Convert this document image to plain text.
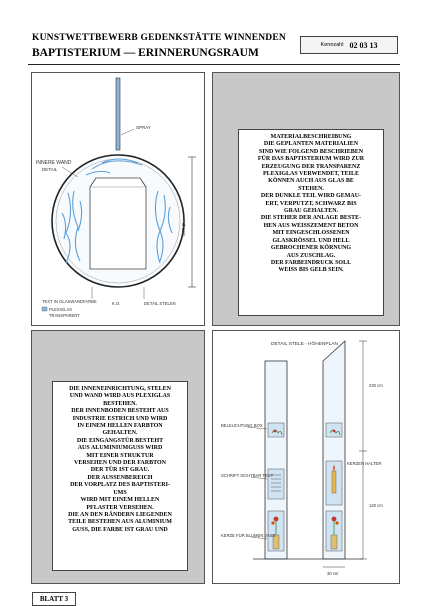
KUNSTWETTBEWERB GEDENKSTÄTTE WINNENDEN
BAPTISTERIUM — ERINNERUNGSRAUM
Kennzahl 02 03 13
INNERE WAND
DETAIL
SPRAY
Ø 10m
TEXT IN GLASWANDFARBE
PLEXIGLAS
TRANSPARENT
K.O.	DETAIL STELEN
MATERIALBESCHREIBUNG
DIE GEPLANTEN MATERIALIEN
SIND WIE FOLGEND BESCHRIEBEN
FÜR DAS BAPTISTERIUM WIRD ZUR
ERZEUGUNG DER TRANSPARENZ
PLEXIGLAS VERWENDET, TEILE
KÖNNEN AUCH AUS GLAS BE
STEHEN.
DER DUNKLE TEIL WIRD GEMAU-
ERT, VERPUTZT, SCHWARZ BIS
GRAU GEHALTEN.
DIE STEHER DER ANLAGE BESTE-
HEN AUS WEISSZEMENT BETON
MIT EINGESCHLOSSENEN
GLASKRÖSSEL UND HELL
GEBROCHENER KÖRNUNG
AUS ZUSCHLAG.
DER FARBEINDRUCK SOLL
WEISS BIS GELB SEIN.
DIE INNENEINRICHTUNG, STELEN
UND WAND WIRD AUS PLEXIGLAS
BESTEHEN.
DER INNENBODEN BESTEHT AUS
INDUSTRIE ESTRICH UND WIRD
IN EINEM HELLEN FARBTON
GEHALTEN.
DIE EINGANGSTÜR BESTEHT
AUS ALUMINIUMGUSS WIRD
MIT EINER STRUKTUR
VERSEHEN UND DER FARBTON
DER TÜR IST GRAU.
DER AUSSENBEREICH
DER VORPLATZ DES BAPTISTERI-
UMS
WIRD MIT EINEM HELLEN
PFLASTER VERSEHEN.
DIE AN DEN RÄNDERN LIEGENDEN
TEILE BESTEHEN AUS ALUMINIUM
GUSS, DIE FARBE IST GRAU UND
DETAIL STELE - HÖHENPLAN
BELEUCHTUNG BOX
SCHRIFT SICHTBAR TEXT
KERZE FÜR BLUMEN VASE
230 cm
KERZEN HALTER
120 cm
30 cm
BLATT 3
